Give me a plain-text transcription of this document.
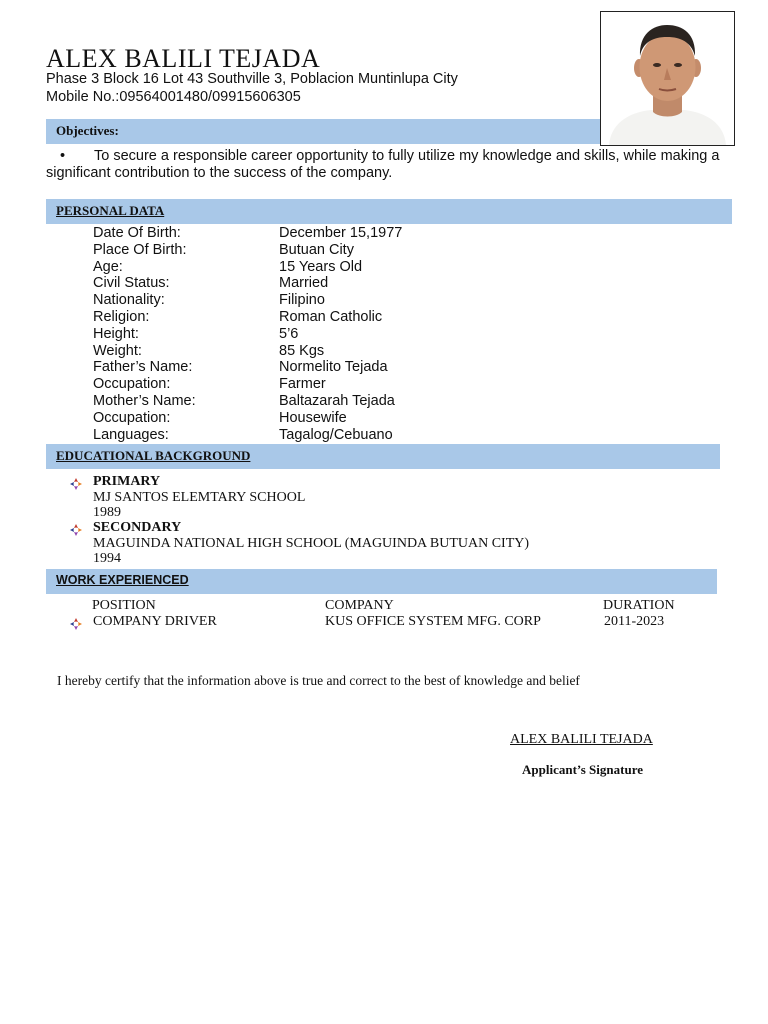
ALEX BALILI TEJADA
Phase 3 Block 16 Lot 43 Southville 3, Poblacion Muntinlupa City
Mobile No.:09564001480/09915606305
Objectives:
• To secure a responsible career opportunity to fully utilize my knowledge and skills, while making a significant contribution to the success of the company.
PERSONAL DATA
Date Of Birth:	December 15,1977
Place Of Birth:	Butuan City
Age:	15 Years Old
Civil Status:	Married
Nationality:	Filipino
Religion:	Roman Catholic
Height:	5’6
Weight:	85 Kgs
Father’s Name:	Normelito Tejada
Occupation:	Farmer
Mother’s Name:	Baltazarah Tejada
Occupation:	Housewife
Languages:	Tagalog/Cebuano
EDUCATIONAL BACKGROUND
PRIMARY
MJ SANTOS ELEMTARY SCHOOL
1989
SECONDARY
MAGUINDA NATIONAL HIGH SCHOOL (MAGUINDA BUTUAN CITY)
1994
WORK EXPERIENCED
POSITION	COMPANY	DURATION
COMPANY DRIVER	KUS OFFICE SYSTEM MFG. CORP	2011-2023
I hereby certify that the information above is true and correct to the best of knowledge and belief
ALEX BALILI TEJADA
Applicant’s Signature
